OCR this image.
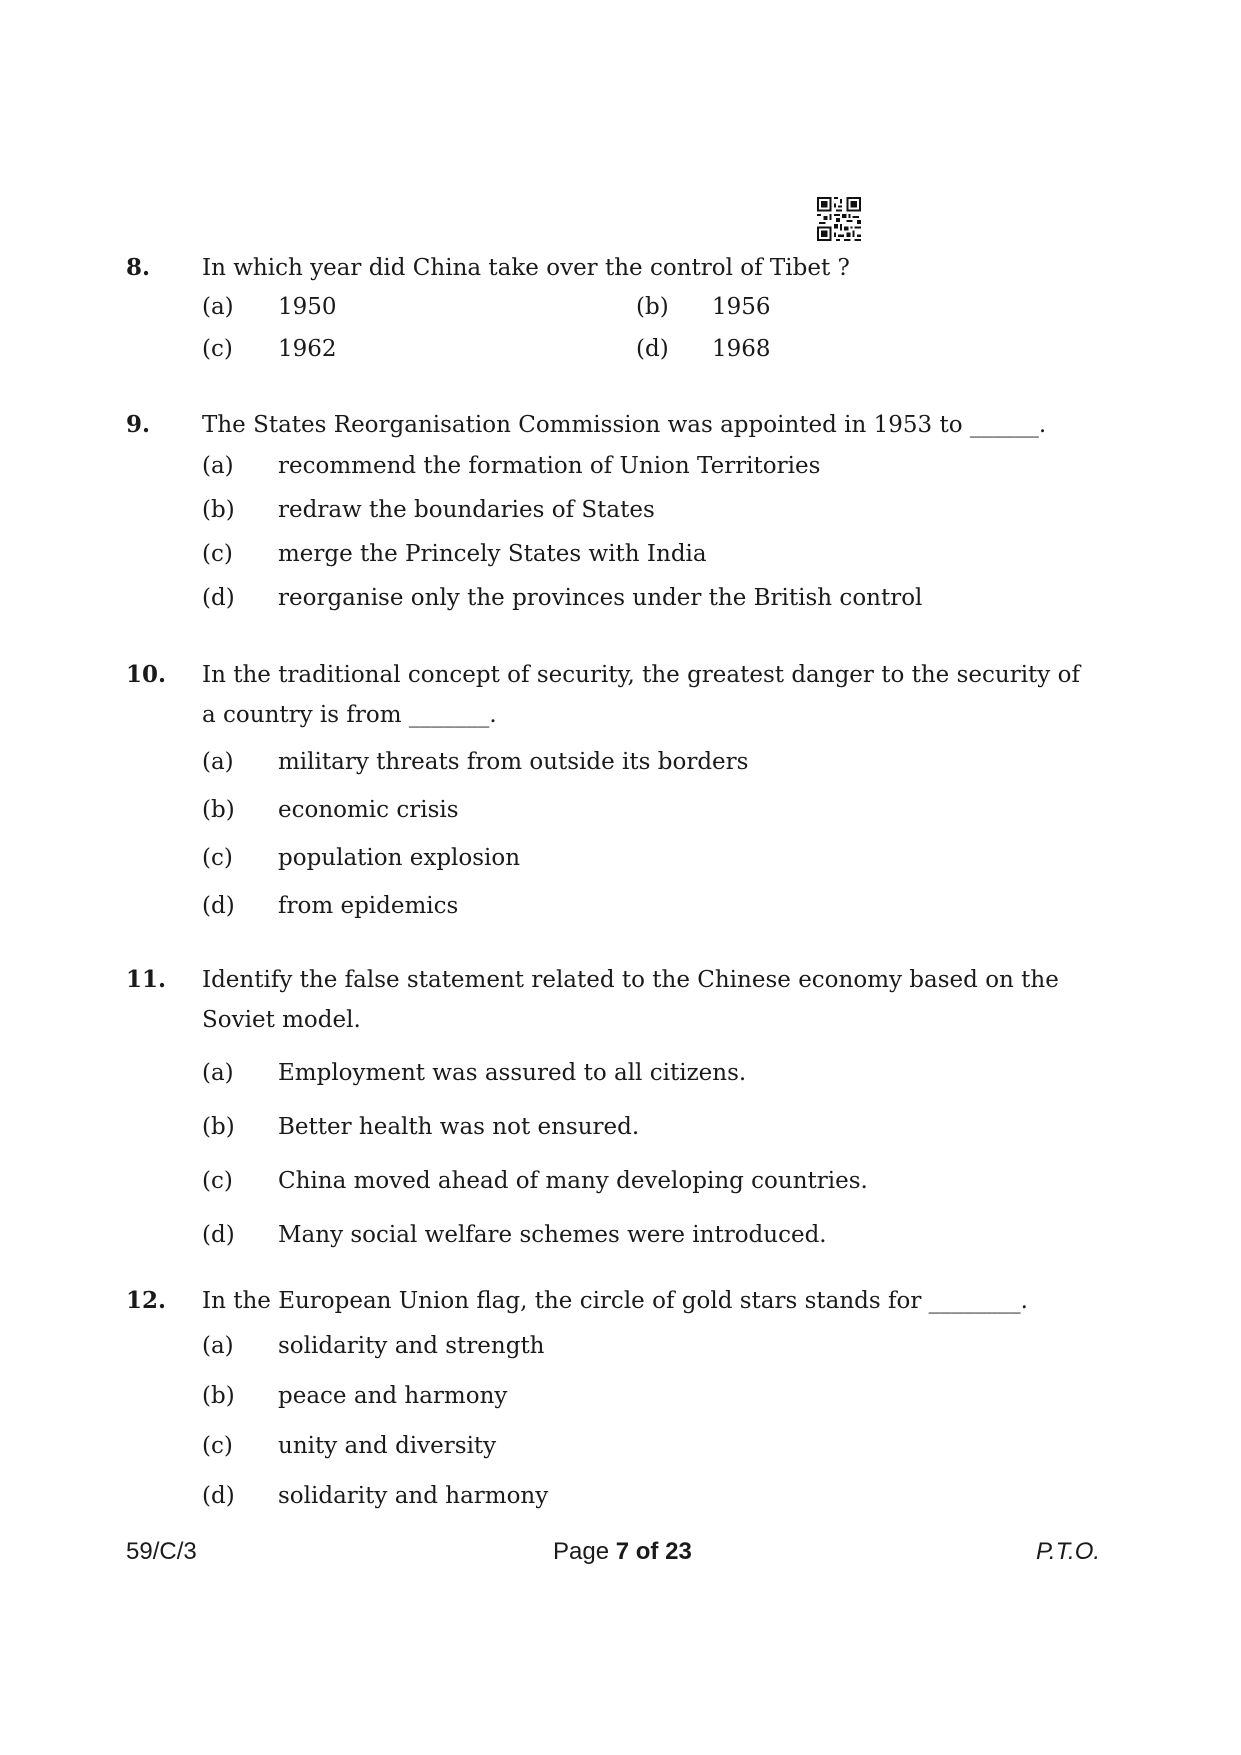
8. In which year did China take over the control of Tibet ?
(a) 1950	(b) 1956
(c) 1962	(d) 1968
9. The States Reorganisation Commission was appointed in 1953 to ______.
(a) recommend the formation of Union Territories
(b) redraw the boundaries of States
(c) merge the Princely States with India
(d) reorganise only the provinces under the British control
10. In the traditional concept of security, the greatest danger to the security of a country is from _______.
(a) military threats from outside its borders
(b) economic crisis
(c) population explosion
(d) from epidemics
11. Identify the false statement related to the Chinese economy based on the Soviet model.
(a) Employment was assured to all citizens.
(b) Better health was not ensured.
(c) China moved ahead of many developing countries.
(d) Many social welfare schemes were introduced.
12. In the European Union flag, the circle of gold stars stands for ________.
(a) solidarity and strength
(b) peace and harmony
(c) unity and diversity
(d) solidarity and harmony
59/C/3	Page 7 of 23	P.T.O.
